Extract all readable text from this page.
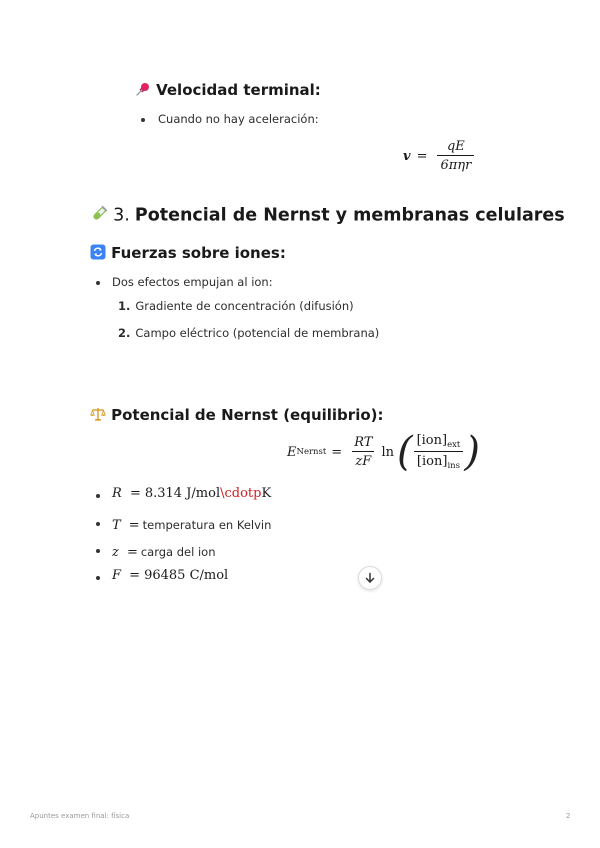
Velocidad terminal:
Cuando no hay aceleración:
$v = \frac{qE}{\text{6πηr}}$
3. Potencial de Nernst y membranas celulares
Fuerzas sobre iones:
Dos efectos empujan al ion:
1. Gradiente de concentración (difusión)
2. Campo eléctrico (potencial de membrana)
Potencial de Nernst (equilibrio):
E Nernst = $\frac{RT}{zF}$ ln ( $\frac{[ion]_{ext}}{[ion]_{ins}}$ )
R = 8.314 J/mol\cdotpK
T = temperatura en Kelvin
z = carga del ion
F = 96485 C/mol
Apuntes examen final: física	2
